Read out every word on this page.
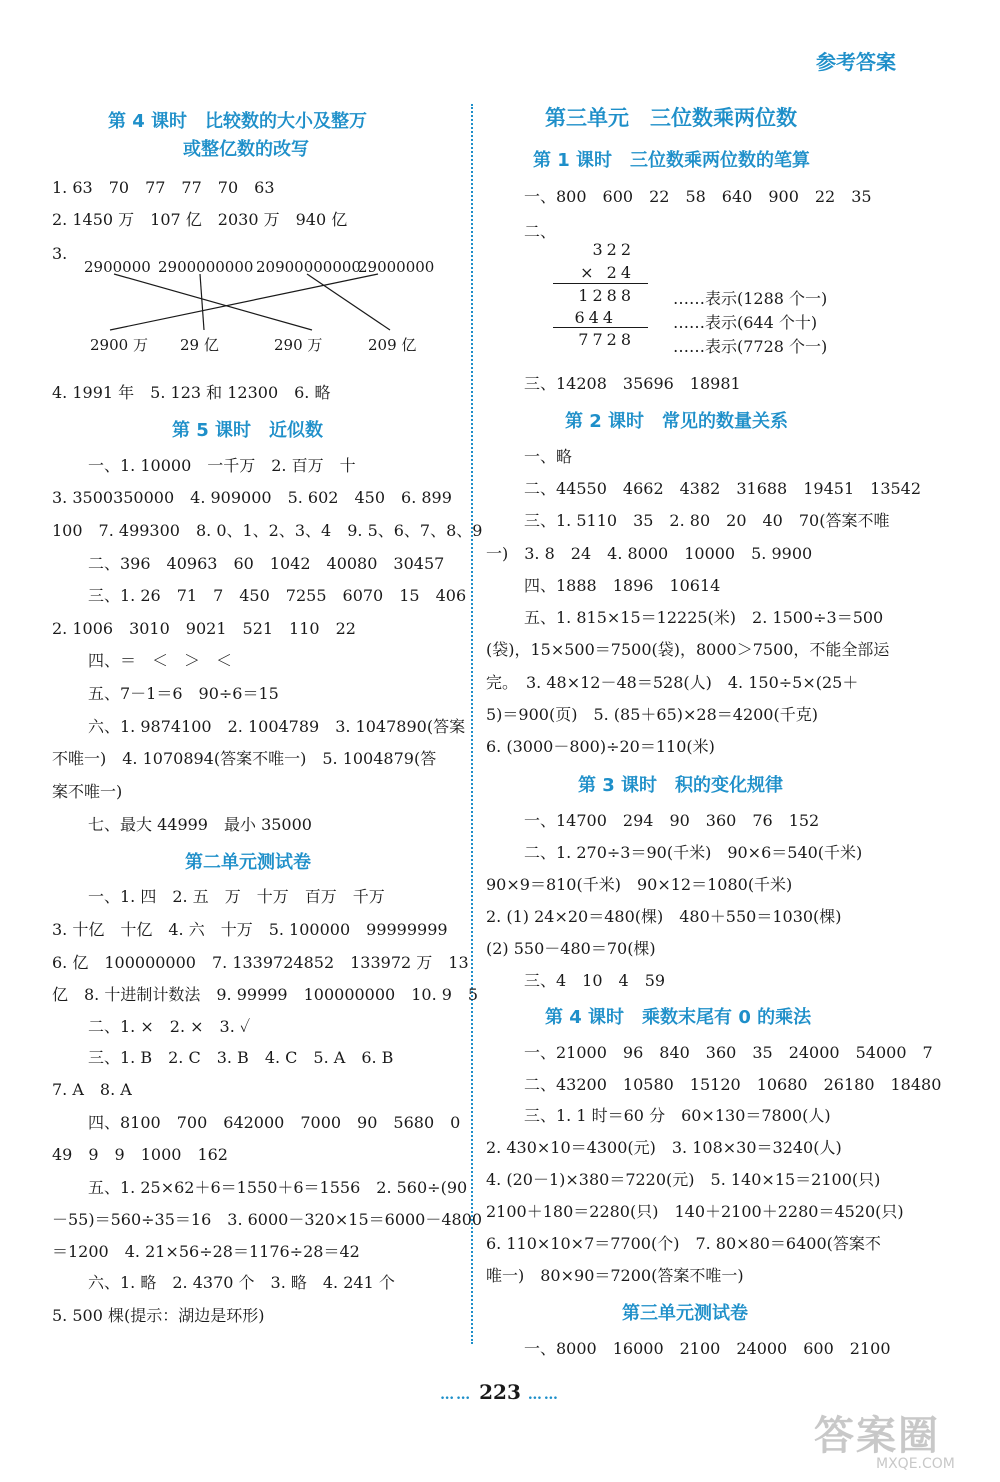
参考答案
第 4 课时　比较数的大小及整万
或整亿数的改写
1. 63　70　77　77　70　63
2. 1450 万　107 亿　2030 万　940 亿
3.
2900000 2900000000 20900000000
29000000
2900 万 29 亿	290 万	209 亿
4. 1991 年　5. 123 和 12300　6. 略
第 5 课时　近似数
一、1. 10000　一千万　2. 百万　十
3. 3500350000　4. 909000　5. 602　450　6. 899
100　7. 499300　8. 0、1、2、3、4　9. 5、6、7、8、9
二、396　40963　60　1042　40080　30457
三、1. 26　71　7　450　7255　6070　15　406
2. 1006　3010　9021　521　110　22
四、＝　＜　＞　＜
五、7－1＝6　90÷6＝15
六、1. 9874100　2. 1004789　3. 1047890(答案
不唯一)　4. 1070894(答案不唯一)　5. 1004879(答
案不唯一)
七、最大 44999　最小 35000
第二单元测试卷
一、1. 四　2. 五　万　十万　百万　千万
3. 十亿　十亿　4. 六　十万　5. 100000　99999999
6. 亿　100000000　7. 1339724852　133972 万　13
亿　8. 十进制计数法　9. 99999　100000000　10. 9　5
二、1. ×　2. ×　3. ✓
三、1. B　2. C　3. B　4. C　5. A　6. B
7. A　8. A
四、8100　700　642000　7000　90　5680　0
49　9　9　1000　162
五、1. 25×62＋6＝1550＋6＝1556　2. 560÷(90
－55)＝560÷35＝16　3. 6000－320×15＝6000－4800
＝1200　4. 21×56÷28＝1176÷28＝42
六、1. 略　2. 4370 个　3. 略　4. 241 个
5. 500 棵(提示：湖边是环形)
第三单元　三位数乘两位数
第 1 课时　三位数乘两位数的笔算
一、800　600　22　58　640　900　22　35
二、
322
× 24
1288
644
7728
……表示(1288 个一)
……表示(644 个十)
……表示(7728 个一)
三、14208　35696　18981
第 2 课时　常见的数量关系
一、略
二、44550　4662　4382　31688　19451　13542
三、1. 5110　35　2. 80　20　40　70(答案不唯
一)　3. 8　24　4. 8000　10000　5. 9900
四、1888　1896　10614
五、1. 815×15＝12225(米)　2. 1500÷3＝500
(袋)，15×500＝7500(袋)，8000＞7500，不能全部运
完。　3. 48×12－48＝528(人)　4. 150÷5×(25＋
5)＝900(页)　5. (85＋65)×28＝4200(千克)
6. (3000－800)÷20＝110(米)
第 3 课时　积的变化规律
一、14700　294　90　360　76　152
二、1. 270÷3＝90(千米)　90×6＝540(千米)
90×9＝810(千米)　90×12＝1080(千米)
2. (1) 24×20＝480(棵)　480＋550＝1030(棵)
(2) 550－480＝70(棵)
三、4　10　4　59
第 4 课时　乘数末尾有 0 的乘法
一、21000　96　840　360　35　24000　54000　7
二、43200　10580　15120　10680　26180　18480
三、1. 1 时＝60 分　60×130＝7800(人)
2. 430×10＝4300(元)　3. 108×30＝3240(人)
4. (20－1)×380＝7220(元)　5. 140×15＝2100(只)
2100＋180＝2280(只)　140＋2100＋2280＝4520(只)
6. 110×10×7＝7700(个)　7. 80×80＝6400(答案不
唯一)　80×90＝7200(答案不唯一)
第三单元测试卷
一、8000　16000　2100　24000　600　2100
…… 223 ……
答案圈
MXQE.COM
